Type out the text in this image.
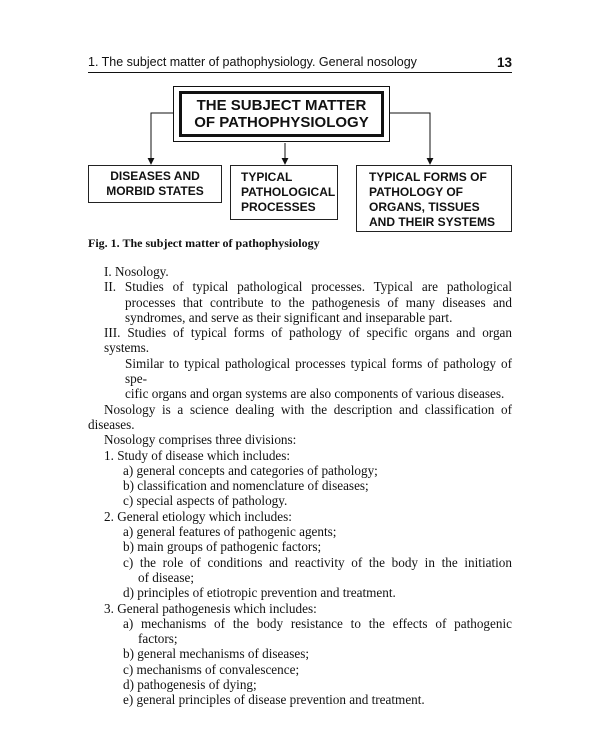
1. The subject matter of pathophysiology. General nosology	13
THE SUBJECT MATTER
OF PATHOPHYSIOLOGY
DISEASES AND
MORBID STATES
TYPICAL
PATHOLOGICAL
PROCESSES
TYPICAL FORMS OF
PATHOLOGY OF
ORGANS, TISSUES
AND THEIR SYSTEMS
Fig. 1. The subject matter of pathophysiology
I. Nosology.
II. Studies of typical pathological processes. Typical are pathological
processes that contribute to the pathogenesis of many diseases and
syndromes, and serve as their significant and inseparable part.
III. Studies of typical forms of pathology of specific organs and organ systems.
Similar to typical pathological processes typical forms of pathology of spe-
cific organs and organ systems are also components of various diseases.
Nosology is a science dealing with the description and classification of
diseases.
Nosology comprises three divisions:
1. Study of disease which includes:
a) general concepts and categories of pathology;
b) classification and nomenclature of diseases;
c) special aspects of pathology.
2. General etiology which includes:
a) general features of pathogenic agents;
b) main groups of pathogenic factors;
c) the role of conditions and reactivity of the body in the initiation
of disease;
d) principles of etiotropic prevention and treatment.
3. General pathogenesis which includes:
a) mechanisms of the body resistance to the effects of pathogenic
factors;
b) general mechanisms of diseases;
c) mechanisms of convalescence;
d) pathogenesis of dying;
e) general principles of disease prevention and treatment.
